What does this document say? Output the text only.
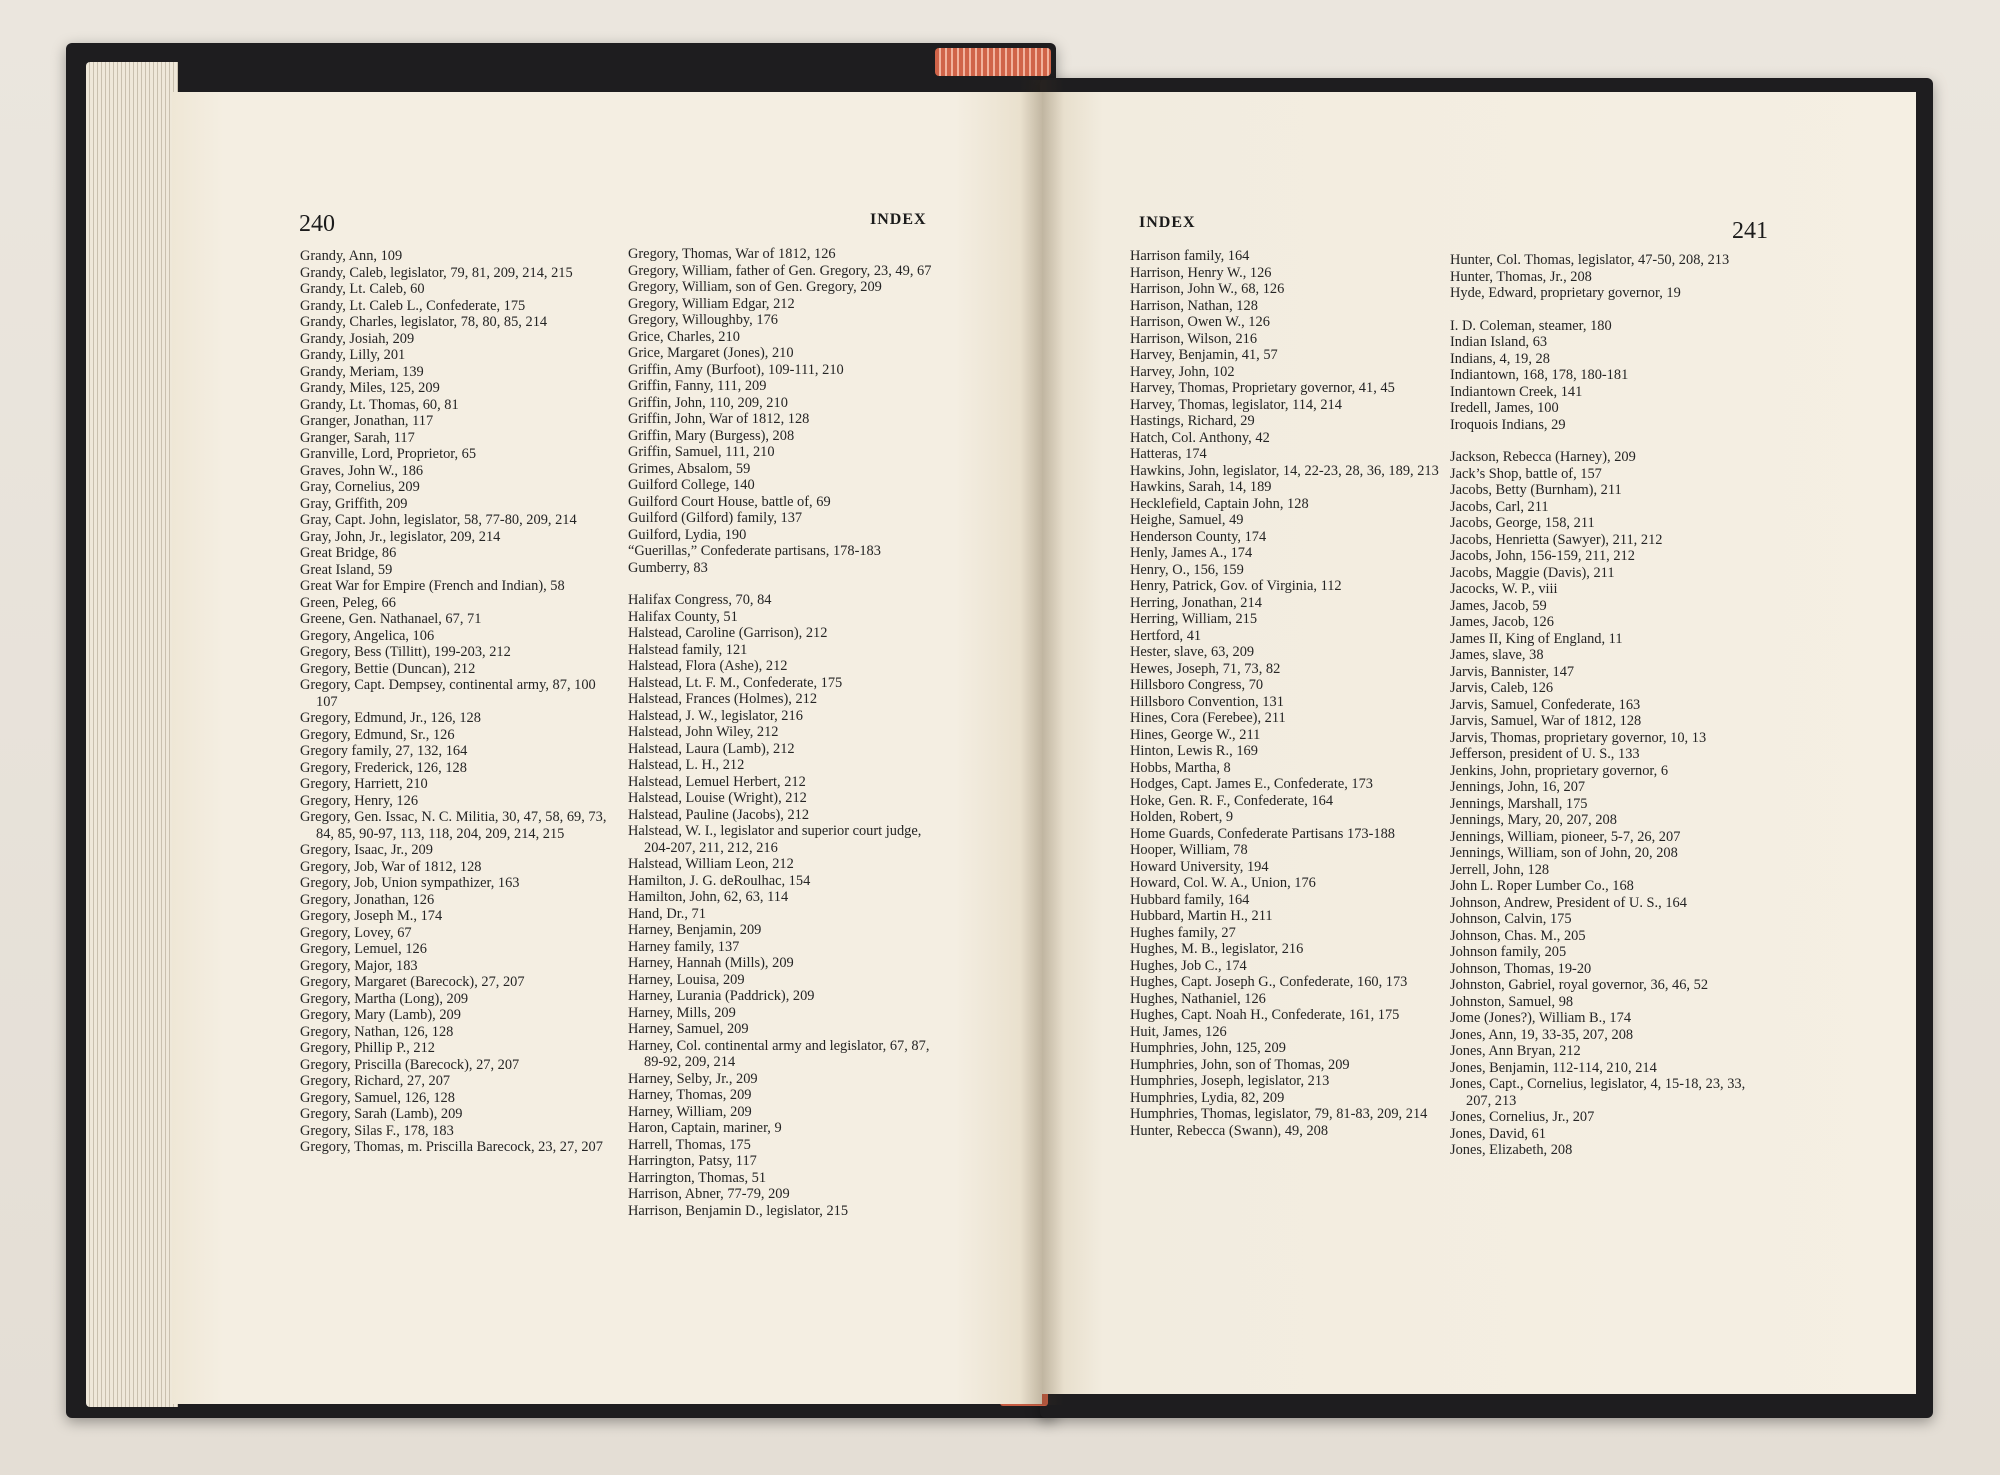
240	INDEX
Grandy, Ann, 109
Grandy, Caleb, legislator, 79, 81, 209, 214, 215
Grandy, Lt. Caleb, 60
Grandy, Lt. Caleb L., Confederate, 175
Grandy, Charles, legislator, 78, 80, 85, 214
Grandy, Josiah, 209
Grandy, Lilly, 201
Grandy, Meriam, 139
Grandy, Miles, 125, 209
Grandy, Lt. Thomas, 60, 81
Granger, Jonathan, 117
Granger, Sarah, 117
Granville, Lord, Proprietor, 65
Graves, John W., 186
Gray, Cornelius, 209
Gray, Griffith, 209
Gray, Capt. John, legislator, 58, 77-80, 209, 214
Gray, John, Jr., legislator, 209, 214
Great Bridge, 86
Great Island, 59
Great War for Empire (French and Indian), 58
Green, Peleg, 66
Greene, Gen. Nathanael, 67, 71
Gregory, Angelica, 106
Gregory, Bess (Tillitt), 199-203, 212
Gregory, Bettie (Duncan), 212
Gregory, Capt. Dempsey, continental army, 87, 100 107
Gregory, Edmund, Jr., 126, 128
Gregory, Edmund, Sr., 126
Gregory family, 27, 132, 164
Gregory, Frederick, 126, 128
Gregory, Harriett, 210
Gregory, Henry, 126
Gregory, Gen. Issac, N. C. Militia, 30, 47, 58, 69, 73, 84, 85, 90-97, 113, 118, 204, 209, 214, 215
Gregory, Isaac, Jr., 209
Gregory, Job, War of 1812, 128
Gregory, Job, Union sympathizer, 163
Gregory, Jonathan, 126
Gregory, Joseph M., 174
Gregory, Lovey, 67
Gregory, Lemuel, 126
Gregory, Major, 183
Gregory, Margaret (Barecock), 27, 207
Gregory, Martha (Long), 209
Gregory, Mary (Lamb), 209
Gregory, Nathan, 126, 128
Gregory, Phillip P., 212
Gregory, Priscilla (Barecock), 27, 207
Gregory, Richard, 27, 207
Gregory, Samuel, 126, 128
Gregory, Sarah (Lamb), 209
Gregory, Silas F., 178, 183
Gregory, Thomas, m. Priscilla Barecock, 23, 27, 207
Gregory, Thomas, War of 1812, 126
Gregory, William, father of Gen. Gregory, 23, 49, 67
Gregory, William, son of Gen. Gregory, 209
Gregory, William Edgar, 212
Gregory, Willoughby, 176
Grice, Charles, 210
Grice, Margaret (Jones), 210
Griffin, Amy (Burfoot), 109-111, 210
Griffin, Fanny, 111, 209
Griffin, John, 110, 209, 210
Griffin, John, War of 1812, 128
Griffin, Mary (Burgess), 208
Griffin, Samuel, 111, 210
Grimes, Absalom, 59
Guilford College, 140
Guilford Court House, battle of, 69
Guilford (Gilford) family, 137
Guilford, Lydia, 190
“Guerillas,” Confederate partisans, 178-183
Gumberry, 83
Halifax Congress, 70, 84
Halifax County, 51
Halstead, Caroline (Garrison), 212
Halstead family, 121
Halstead, Flora (Ashe), 212
Halstead, Lt. F. M., Confederate, 175
Halstead, Frances (Holmes), 212
Halstead, J. W., legislator, 216
Halstead, John Wiley, 212
Halstead, Laura (Lamb), 212
Halstead, L. H., 212
Halstead, Lemuel Herbert, 212
Halstead, Louise (Wright), 212
Halstead, Pauline (Jacobs), 212
Halstead, W. I., legislator and superior court judge, 204-207, 211, 212, 216
Halstead, William Leon, 212
Hamilton, J. G. deRoulhac, 154
Hamilton, John, 62, 63, 114
Hand, Dr., 71
Harney, Benjamin, 209
Harney family, 137
Harney, Hannah (Mills), 209
Harney, Louisa, 209
Harney, Lurania (Paddrick), 209
Harney, Mills, 209
Harney, Samuel, 209
Harney, Col. continental army and legislator, 67, 87, 89-92, 209, 214
Harney, Selby, Jr., 209
Harney, Thomas, 209
Harney, William, 209
Haron, Captain, mariner, 9
Harrell, Thomas, 175
Harrington, Patsy, 117
Harrington, Thomas, 51
Harrison, Abner, 77-79, 209
Harrison, Benjamin D., legislator, 215
INDEX	241
Harrison family, 164
Harrison, Henry W., 126
Harrison, John W., 68, 126
Harrison, Nathan, 128
Harrison, Owen W., 126
Harrison, Wilson, 216
Harvey, Benjamin, 41, 57
Harvey, John, 102
Harvey, Thomas, Proprietary governor, 41, 45
Harvey, Thomas, legislator, 114, 214
Hastings, Richard, 29
Hatch, Col. Anthony, 42
Hatteras, 174
Hawkins, John, legislator, 14, 22-23, 28, 36, 189, 213
Hawkins, Sarah, 14, 189
Hecklefield, Captain John, 128
Heighe, Samuel, 49
Henderson County, 174
Henly, James A., 174
Henry, O., 156, 159
Henry, Patrick, Gov. of Virginia, 112
Herring, Jonathan, 214
Herring, William, 215
Hertford, 41
Hester, slave, 63, 209
Hewes, Joseph, 71, 73, 82
Hillsboro Congress, 70
Hillsboro Convention, 131
Hines, Cora (Ferebee), 211
Hines, George W., 211
Hinton, Lewis R., 169
Hobbs, Martha, 8
Hodges, Capt. James E., Confederate, 173
Hoke, Gen. R. F., Confederate, 164
Holden, Robert, 9
Home Guards, Confederate Partisans 173-188
Hooper, William, 78
Howard University, 194
Howard, Col. W. A., Union, 176
Hubbard family, 164
Hubbard, Martin H., 211
Hughes family, 27
Hughes, M. B., legislator, 216
Hughes, Job C., 174
Hughes, Capt. Joseph G., Confederate, 160, 173
Hughes, Nathaniel, 126
Hughes, Capt. Noah H., Confederate, 161, 175
Huit, James, 126
Humphries, John, 125, 209
Humphries, John, son of Thomas, 209
Humphries, Joseph, legislator, 213
Humphries, Lydia, 82, 209
Humphries, Thomas, legislator, 79, 81-83, 209, 214
Hunter, Rebecca (Swann), 49, 208
Hunter, Col. Thomas, legislator, 47-50, 208, 213
Hunter, Thomas, Jr., 208
Hyde, Edward, proprietary governor, 19
I. D. Coleman, steamer, 180
Indian Island, 63
Indians, 4, 19, 28
Indiantown, 168, 178, 180-181
Indiantown Creek, 141
Iredell, James, 100
Iroquois Indians, 29
Jackson, Rebecca (Harney), 209
Jack’s Shop, battle of, 157
Jacobs, Betty (Burnham), 211
Jacobs, Carl, 211
Jacobs, George, 158, 211
Jacobs, Henrietta (Sawyer), 211, 212
Jacobs, John, 156-159, 211, 212
Jacobs, Maggie (Davis), 211
Jacocks, W. P., viii
James, Jacob, 59
James, Jacob, 126
James II, King of England, 11
James, slave, 38
Jarvis, Bannister, 147
Jarvis, Caleb, 126
Jarvis, Samuel, Confederate, 163
Jarvis, Samuel, War of 1812, 128
Jarvis, Thomas, proprietary governor, 10, 13
Jefferson, president of U. S., 133
Jenkins, John, proprietary governor, 6
Jennings, John, 16, 207
Jennings, Marshall, 175
Jennings, Mary, 20, 207, 208
Jennings, William, pioneer, 5-7, 26, 207
Jennings, William, son of John, 20, 208
Jerrell, John, 128
John L. Roper Lumber Co., 168
Johnson, Andrew, President of U. S., 164
Johnson, Calvin, 175
Johnson, Chas. M., 205
Johnson family, 205
Johnson, Thomas, 19-20
Johnston, Gabriel, royal governor, 36, 46, 52
Johnston, Samuel, 98
Jome (Jones?), William B., 174
Jones, Ann, 19, 33-35, 207, 208
Jones, Ann Bryan, 212
Jones, Benjamin, 112-114, 210, 214
Jones, Capt., Cornelius, legislator, 4, 15-18, 23, 33, 207, 213
Jones, Cornelius, Jr., 207
Jones, David, 61
Jones, Elizabeth, 208
